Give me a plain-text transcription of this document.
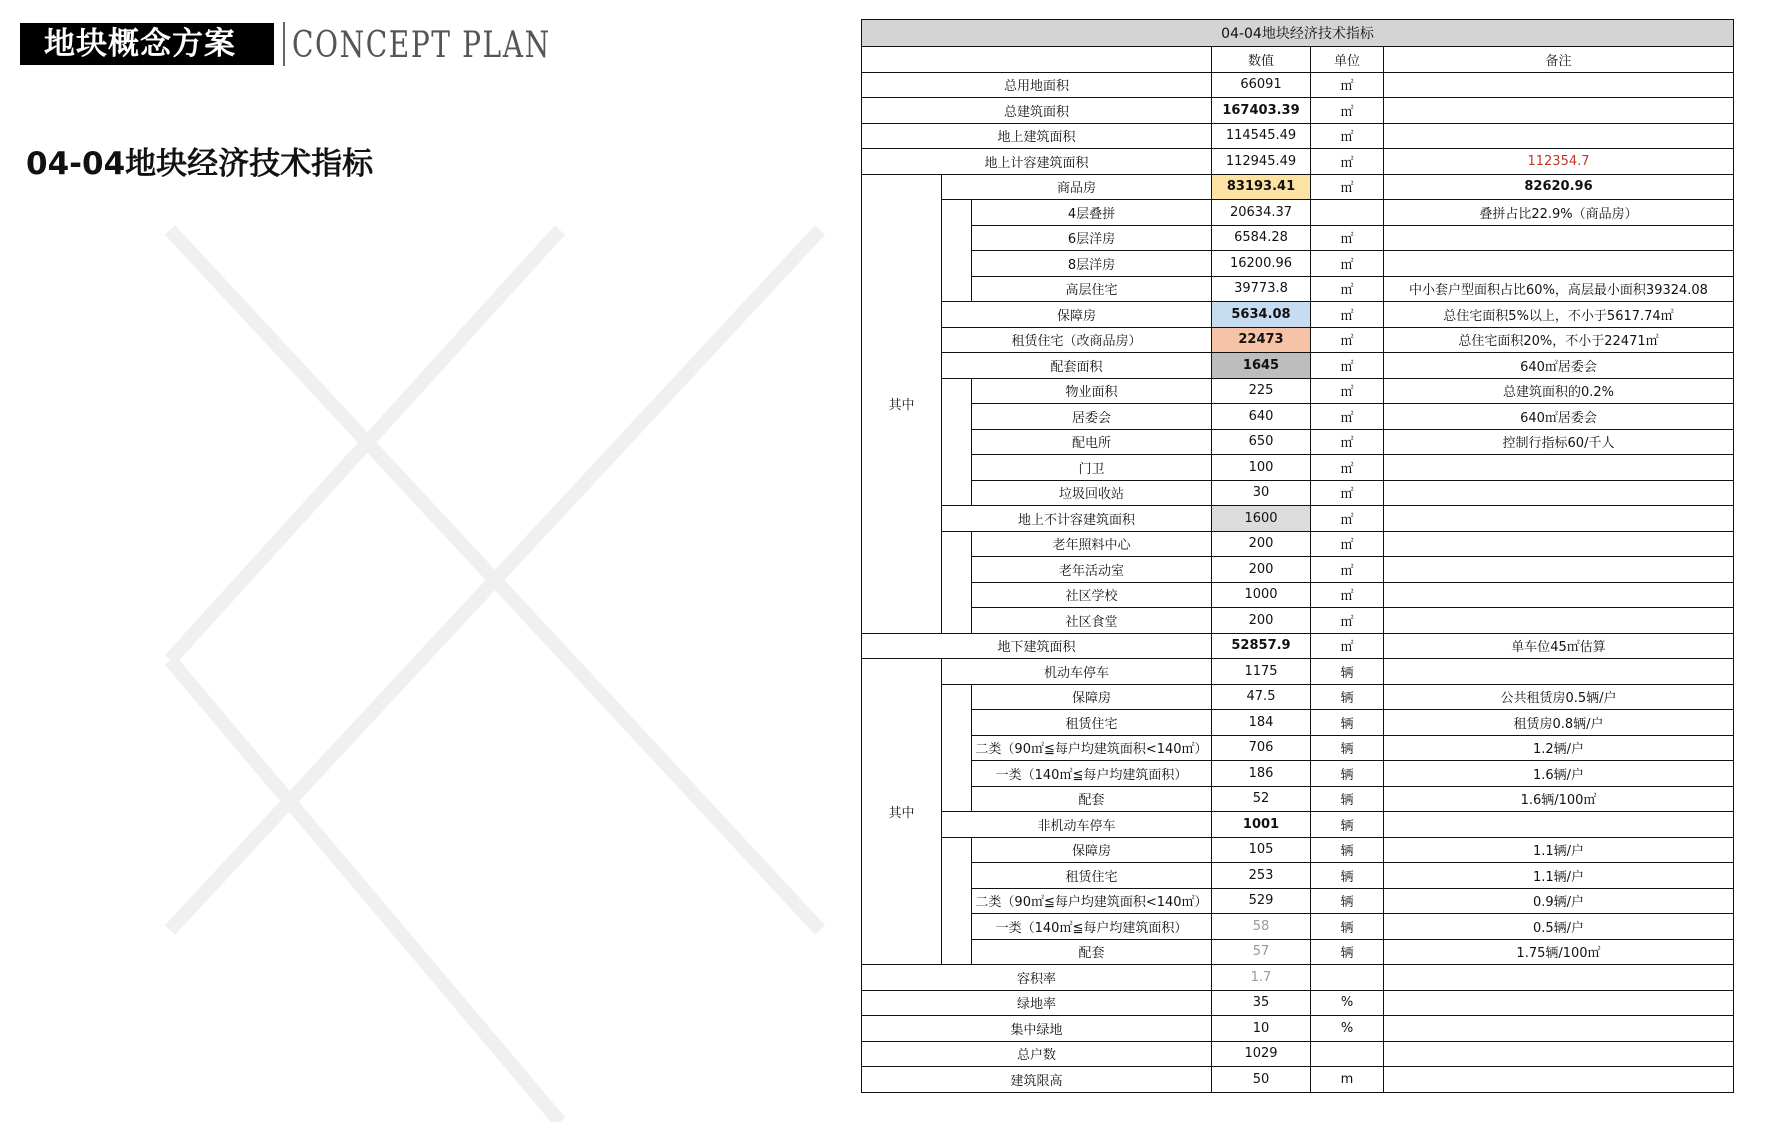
地块概念方案	CONCEPT PLAN
04-04地块经济技术指标
04-04地块经济技术指标					
			数值	单位	备注
总用地面积			66091	㎡	
总建筑面积			167403.39	㎡	
地上建筑面积			114545.49	㎡	
地上计容建筑面积			112945.49	㎡	112354.7
其中	商品房		83193.41	㎡	82620.96
		4层叠拼	20634.37		叠拼占比22.9%（商品房）
		6层洋房	6584.28	㎡	
		8层洋房	16200.96	㎡	
		高层住宅	39773.8	㎡	中小套户型面积占比60%，高层最小面积39324.08
	保障房		5634.08	㎡	总住宅面积5%以上，不小于5617.74㎡
	租赁住宅（改商品房）		22473	㎡	总住宅面积20%，不小于22471㎡
	配套面积		1645	㎡	640㎡居委会
		物业面积	225	㎡	总建筑面积的0.2%
		居委会	640	㎡	640㎡居委会
		配电所	650	㎡	控制行指标60/千人
		门卫	100	㎡	
		垃圾回收站	30	㎡	
	地上不计容建筑面积		1600	㎡	
		老年照料中心	200	㎡	
		老年活动室	200	㎡	
		社区学校	1000	㎡	
		社区食堂	200	㎡	
地下建筑面积			52857.9	㎡	单车位45㎡估算
其中	机动车停车		1175	辆	
		保障房	47.5	辆	公共租赁房0.5辆/户
		租赁住宅	184	辆	租赁房0.8辆/户
		二类（90㎡≦每户均建筑面积<140㎡）	706	辆	1.2辆/户
		一类（140㎡≦每户均建筑面积）	186	辆	1.6辆/户
		配套	52	辆	1.6辆/100㎡
	非机动车停车		1001	辆	
		保障房	105	辆	1.1辆/户
		租赁住宅	253	辆	1.1辆/户
		二类（90㎡≦每户均建筑面积<140㎡）	529	辆	0.9辆/户
		一类（140㎡≦每户均建筑面积）	58	辆	0.5辆/户
		配套	57	辆	1.75辆/100㎡
容积率			1.7		
绿地率			35	%	
集中绿地			10	%	
总户数			1029		
建筑限高			50	m	
